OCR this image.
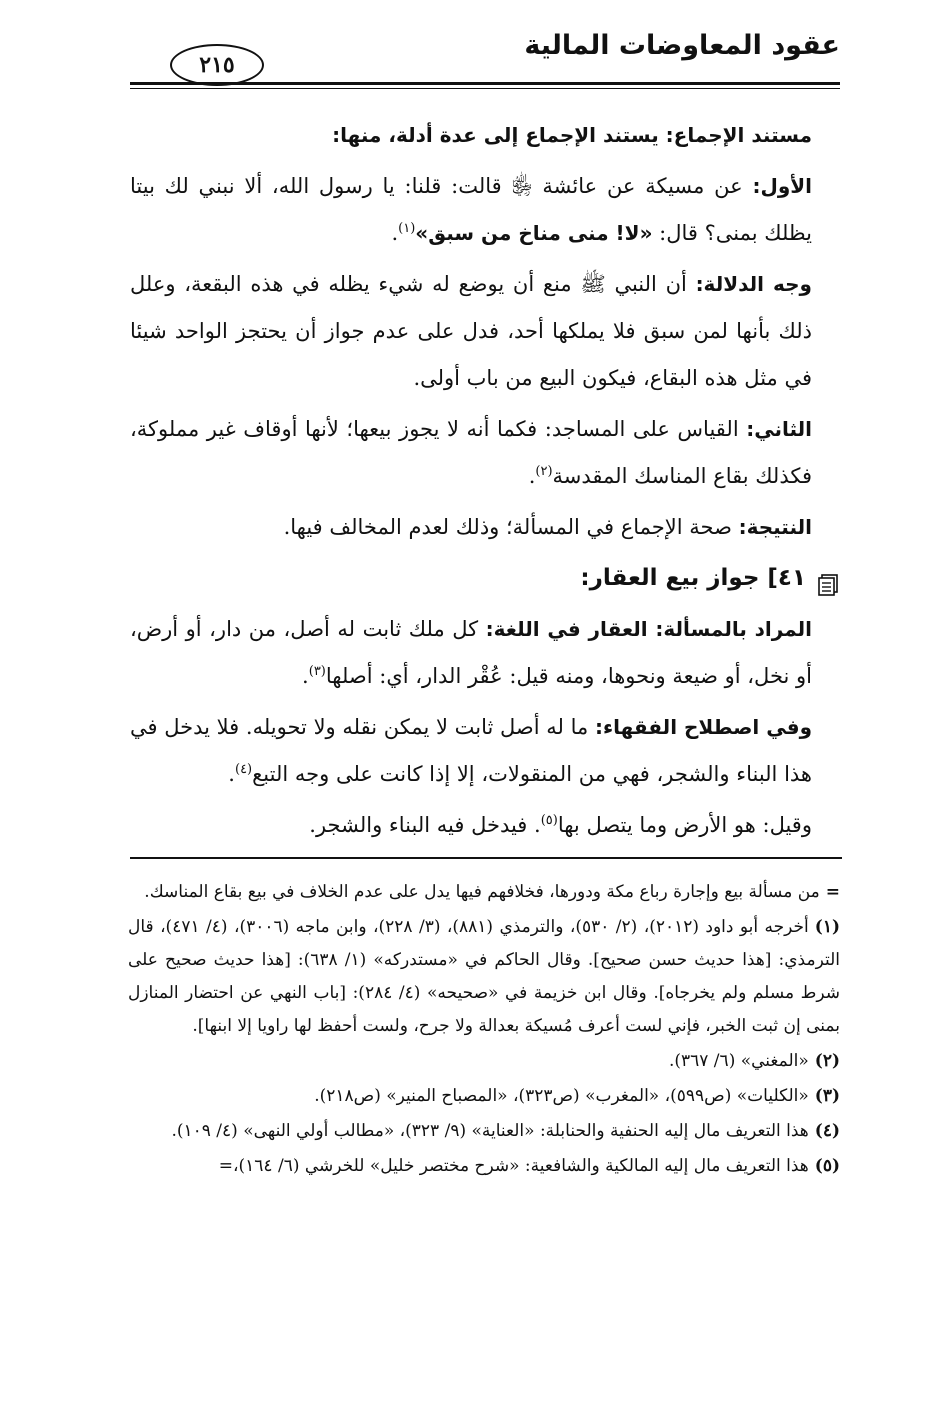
عقود المعاوضات المالية
٢١٥

مستند الإجماع: يستند الإجماع إلى عدة أدلة، منها:

الأول: عن مسيكة عن عائشة ﵂ قالت: قلنا: يا رسول الله، ألا نبني لك بيتا يظلك بمنى؟ قال: «لا! منى مناخ من سبق»$^{(١)}$.

وجه الدلالة: أن النبي ﷺ منع أن يوضع له شيء يظله في هذه البقعة، وعلل ذلك بأنها لمن سبق فلا يملكها أحد، فدل على عدم جواز أن يحتجز الواحد شيئا في مثل هذه البقاع، فيكون البيع من باب أولى.

الثاني: القياس على المساجد: فكما أنه لا يجوز بيعها؛ لأنها أوقاف غير مملوكة، فكذلك بقاع المناسك المقدسة$^{(٢)}$.

النتيجة: صحة الإجماع في المسألة؛ وذلك لعدم المخالف فيها.

٤١] جواز بيع العقار:

المراد بالمسألة: العقار في اللغة: كل ملك ثابت له أصل، من دار، أو أرض، أو نخل، أو ضيعة ونحوها، ومنه قيل: عُقْر الدار، أي: أصلها$^{(٣)}$.

وفي اصطلاح الفقهاء: ما له أصل ثابت لا يمكن نقله ولا تحويله. فلا يدخل في هذا البناء والشجر، فهي من المنقولات، إلا إذا كانت على وجه التبع$^{(٤)}$.

وقيل: هو الأرض وما يتصل بها$^{(٥)}$. فيدخل فيه البناء والشجر.

=من مسألة بيع وإجارة رباع مكة ودورها، فخلافهم فيها يدل على عدم الخلاف في بيع بقاع المناسك.

(١)أخرجه أبو داود (٢٠١٢)، (٢/ ٥٣٠)، والترمذي (٨٨١)، (٣/ ٢٢٨)، وابن ماجه (٣٠٠٦)، (٤/ ٤٧١)، قال الترمذي: [هذا حديث حسن صحيح]. وقال الحاكم في «مستدركه» (١/ ٦٣٨): [هذا حديث صحيح على شرط مسلم ولم يخرجاه]. وقال ابن خزيمة في «صحيحه» (٤/ ٢٨٤): [باب النهي عن احتضار المنازل بمنى إن ثبت الخبر، فإني لست أعرف مُسيكة بعدالة ولا جرح، ولست أحفظ لها راويا إلا ابنها].

(٢)«المغني» (٦/ ٣٦٧).

(٣)«الكليات» (ص٥٩٩)، «المغرب» (ص٣٢٣)، «المصباح المنير» (ص٢١٨).

(٤)هذا التعريف مال إليه الحنفية والحنابلة: «العناية» (٩/ ٣٢٣)، «مطالب أولي النهى» (٤/ ١٠٩).

(٥)هذا التعريف مال إليه المالكية والشافعية: «شرح مختصر خليل» للخرشي (٦/ ١٦٤)،=
